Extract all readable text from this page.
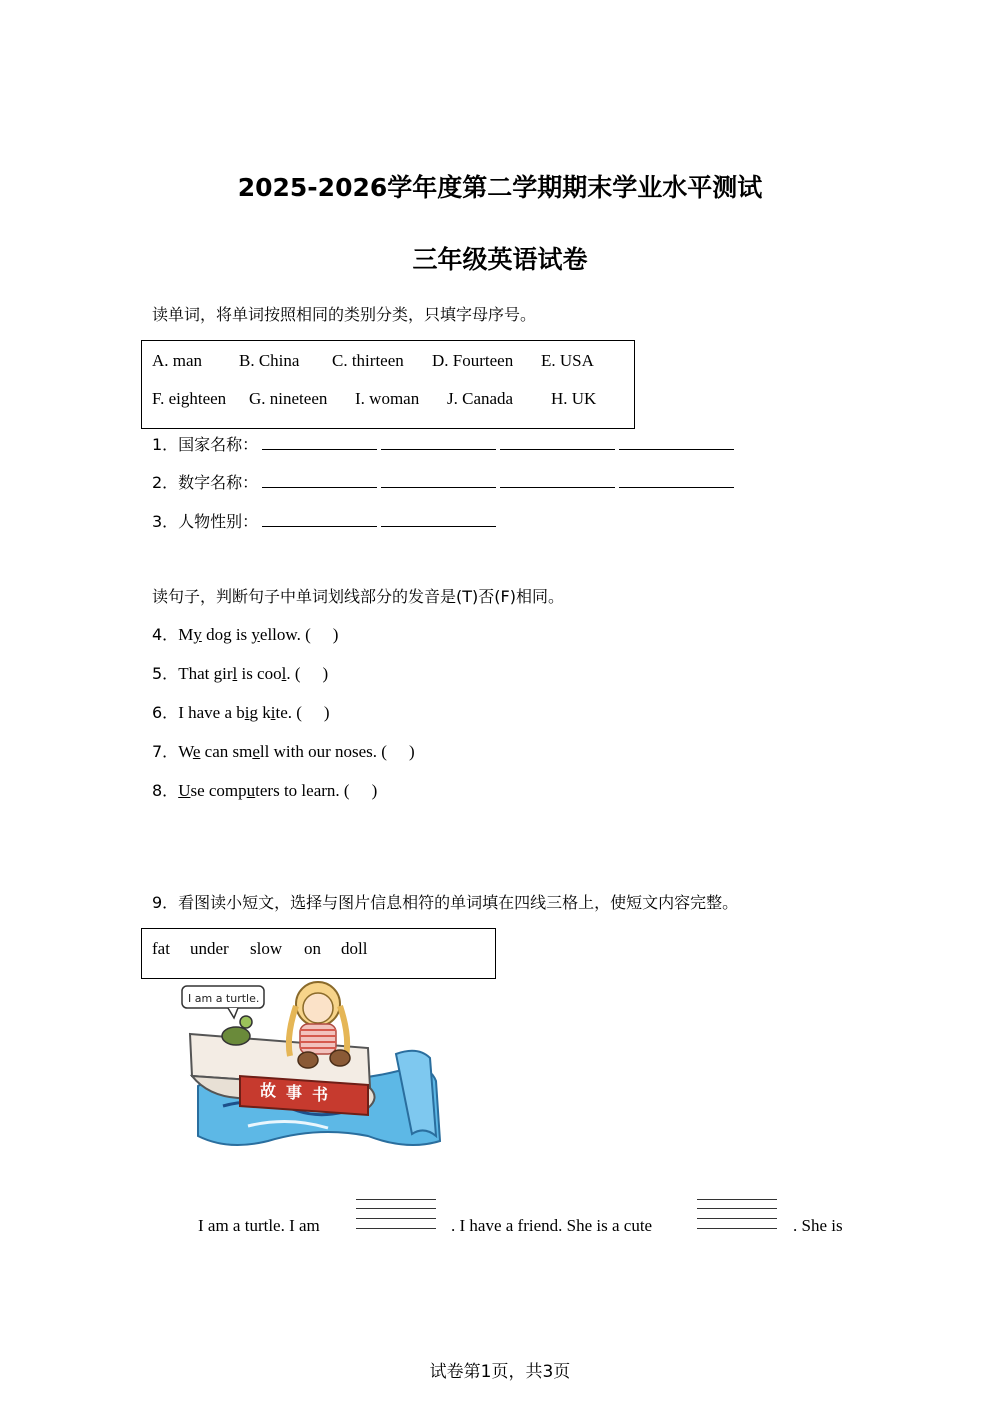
2025-2026学年度第二学期期末学业水平测试
三年级英语试卷
读单词，将单词按照相同的类别分类，只填字母序号。
A. man B. China C. thirteen D. Fourteen E. USA
F. eighteen G. nineteen I. woman J. Canada H. UK
1．国家名称：
2．数字名称：
3．人物性别：
读句子，判断句子中单词划线部分的发音是(T)否(F)相同。
4．My dog is yellow. ( )
5．That girl is cool. ( )
6．I have a big kite. ( )
7．We can smell with our noses. ( )
8．Use computers to learn. ( )
9．看图读小短文，选择与图片信息相符的单词填在四线三格上，使短文内容完整。
fat under slow on doll
故 事 书
I am a turtle.
I am a turtle. I am	. I have a friend. She is a cute	. She is
试卷第1页，共3页
